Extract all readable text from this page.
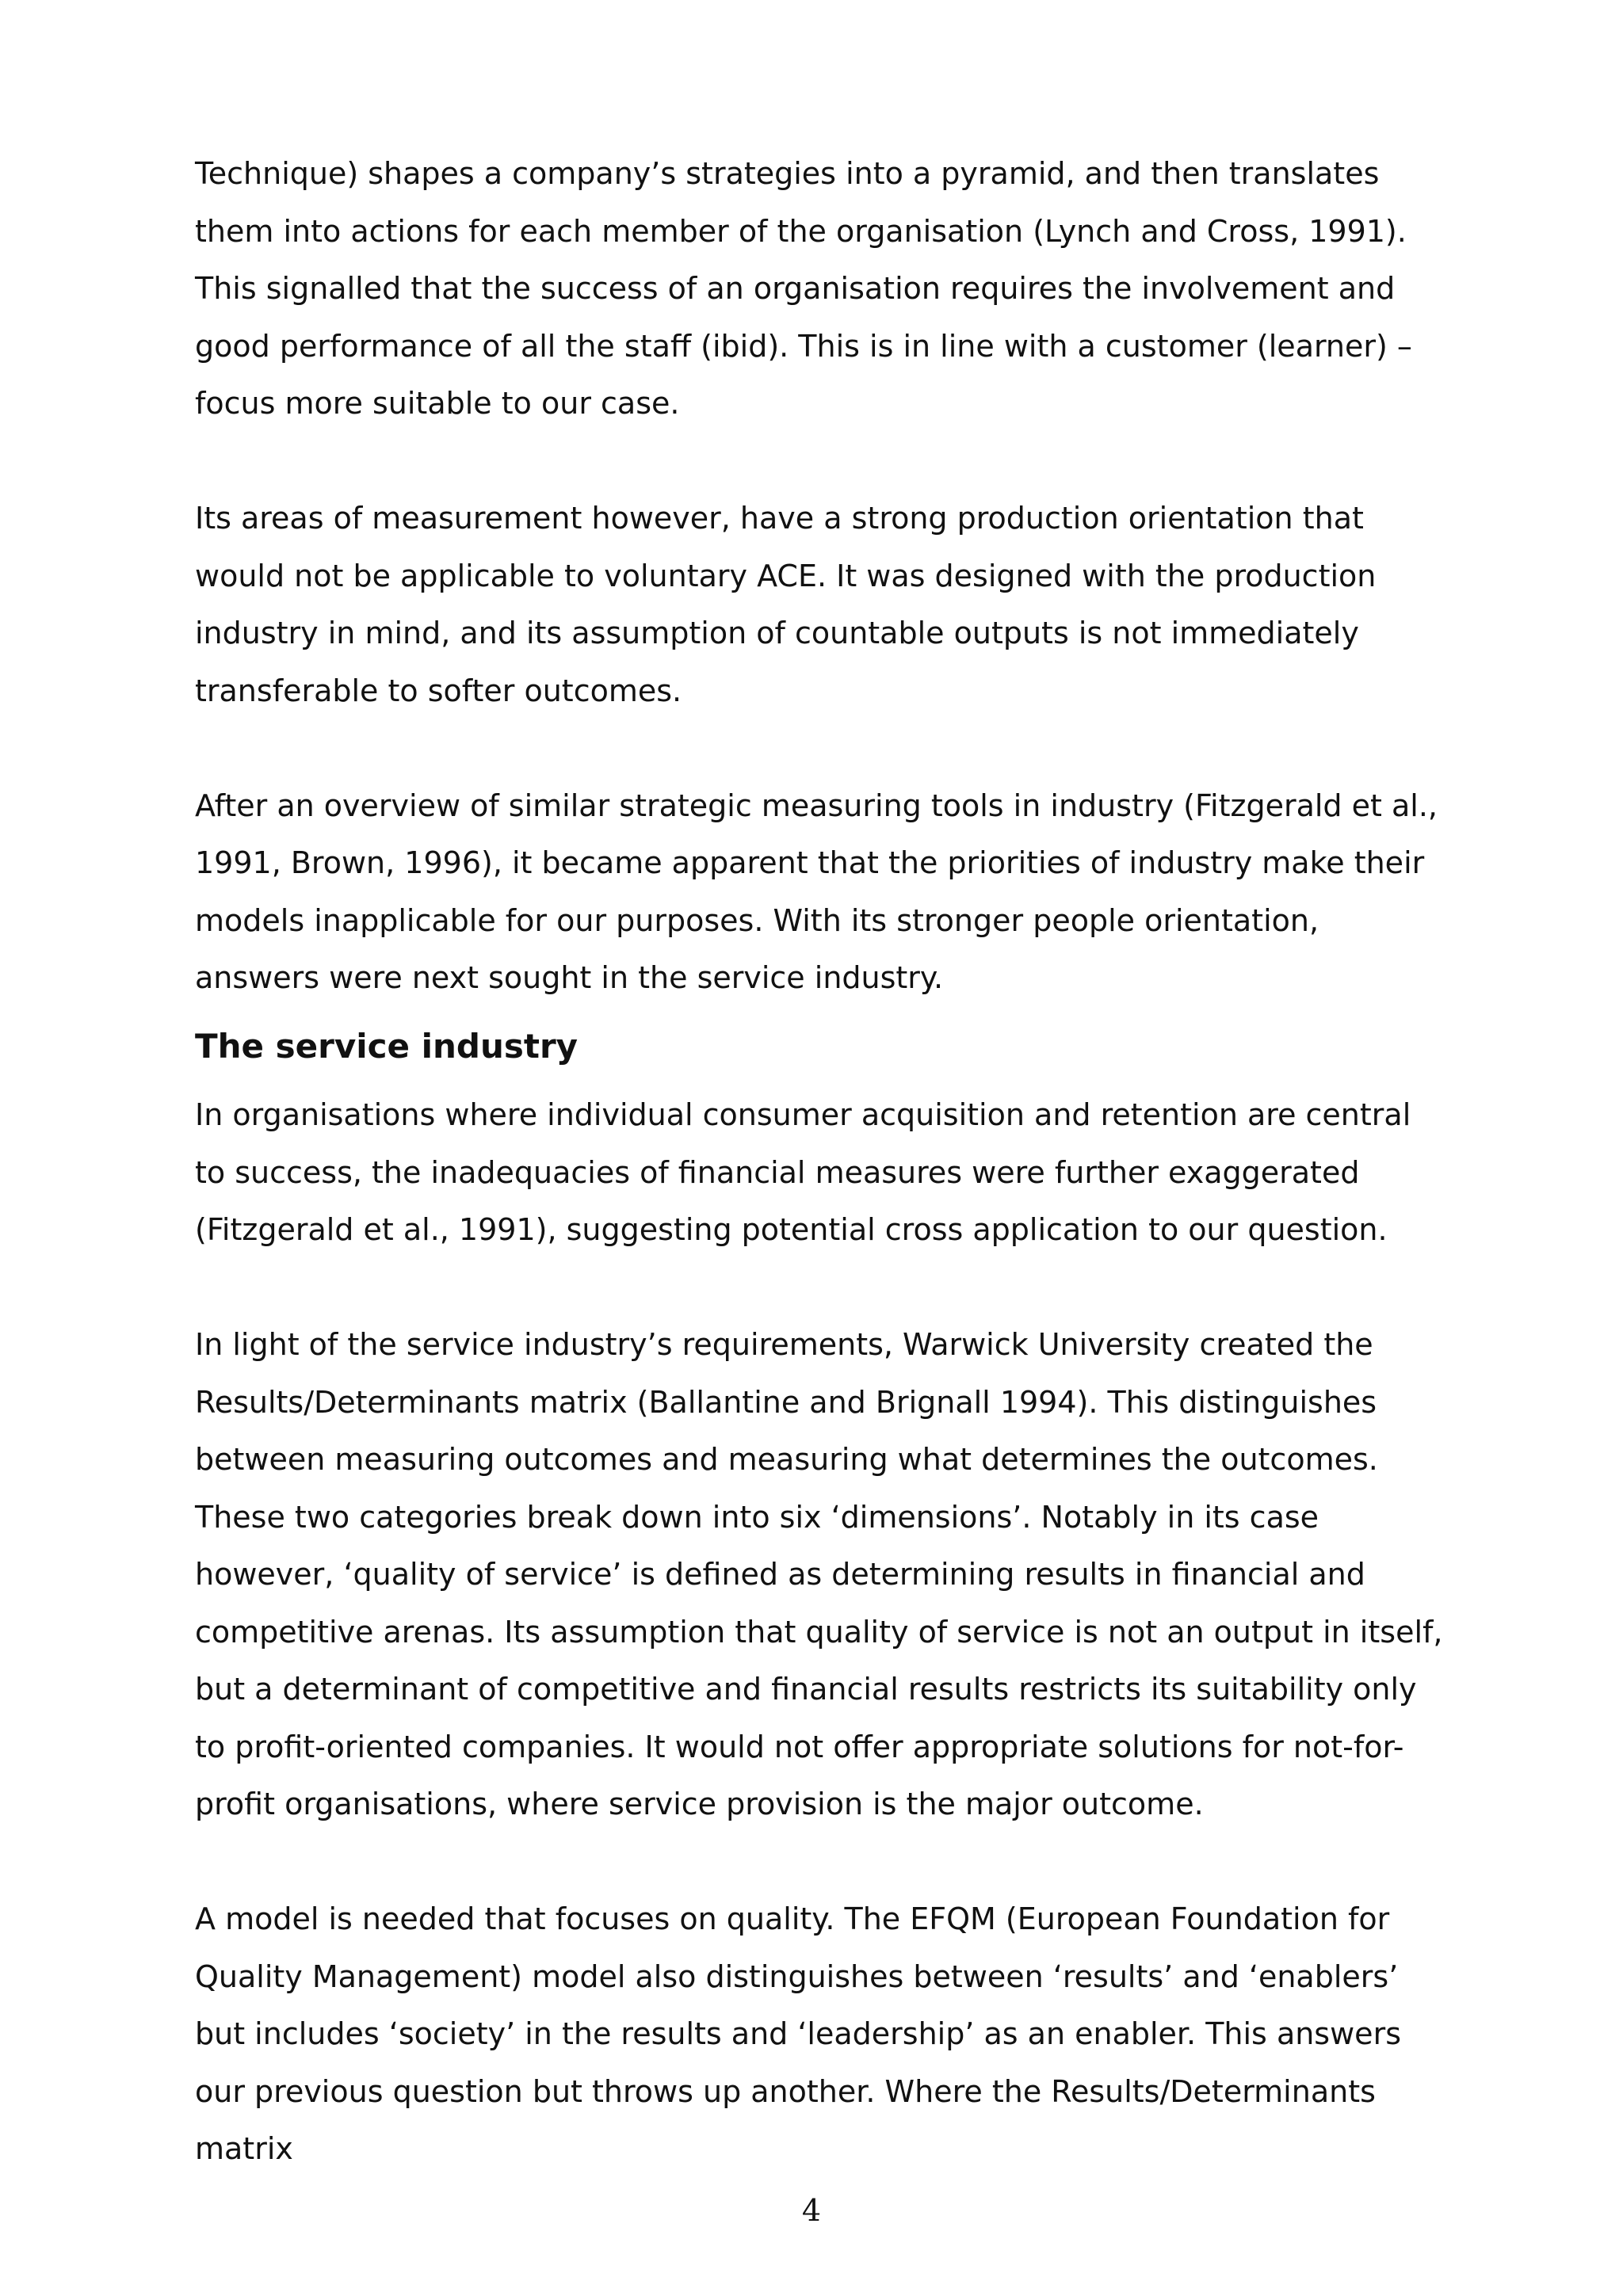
Technique) shapes a company’s strategies into a pyramid, and then translates them into actions for each member of the organisation (Lynch and Cross, 1991). This signalled that the success of an organisation requires the involvement and good performance of all the staff (ibid). This is in line with a customer (learner) –focus more suitable to our case.

Its areas of measurement however, have a strong production orientation that would not be applicable to voluntary ACE. It was designed with the production industry in mind, and its assumption of countable outputs is not immediately transferable to softer outcomes.

After an overview of similar strategic measuring tools in industry (Fitzgerald et al., 1991, Brown, 1996), it became apparent that the priorities of industry make their models inapplicable for our purposes. With its stronger people orientation, answers were next sought in the service industry.

The service industry

In organisations where individual consumer acquisition and retention are central to success, the inadequacies of financial measures were further exaggerated (Fitzgerald et al., 1991), suggesting potential cross application to our question.

In light of the service industry’s requirements, Warwick University created the Results/Determinants matrix (Ballantine and Brignall 1994). This distinguishes between measuring outcomes and measuring what determines the outcomes. These two categories break down into six ‘dimensions’. Notably in its case however, ‘quality of service’ is defined as determining results in financial and competitive arenas. Its assumption that quality of service is not an output in itself, but a determinant of competitive and financial results restricts its suitability only to profit-oriented companies. It would not offer appropriate solutions for not-for-profit organisations, where service provision is the major outcome.

A model is needed that focuses on quality. The EFQM (European Foundation for Quality Management) model also distinguishes between ‘results’ and ‘enablers’ but includes ‘society’ in the results and ‘leadership’ as an enabler. This answers our previous question but throws up another. Where the Results/Determinants matrix

4
